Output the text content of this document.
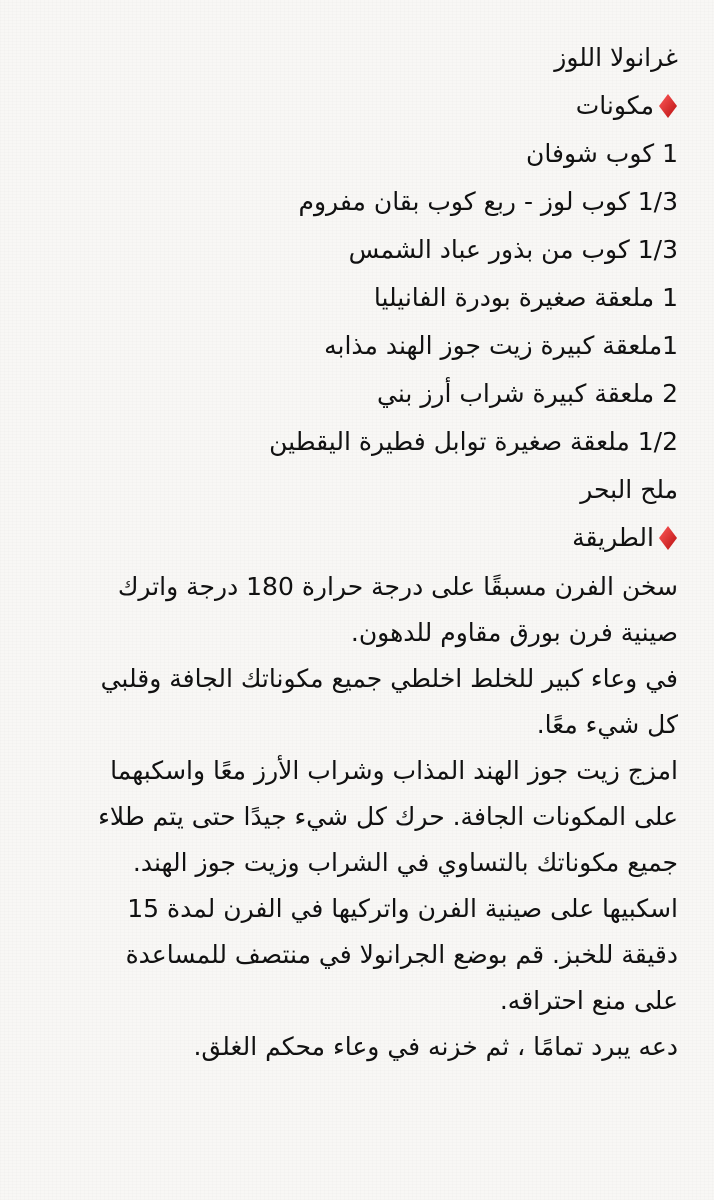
غرانولا اللوز
مكونات
1 كوب شوفان
1/3 كوب لوز - ربع كوب بقان مفروم
1/3 كوب من بذور عباد الشمس
1 ملعقة صغيرة بودرة الفانيليا
1ملعقة كبيرة زيت جوز الهند مذابه
2 ملعقة كبيرة شراب أرز بني
1/2 ملعقة صغيرة توابل فطيرة اليقطين
ملح البحر
الطريقة
سخن الفرن مسبقًا على درجة حرارة 180 درجة واترك صينية فرن بورق مقاوم للدهون.
في وعاء كبير للخلط اخلطي جميع مكوناتك الجافة وقلبي كل شيء معًا.
امزج زيت جوز الهند المذاب وشراب الأرز معًا واسكبهما على المكونات الجافة. حرك كل شيء جيدًا حتى يتم طلاء جميع مكوناتك بالتساوي في الشراب وزيت جوز الهند.
اسكبيها على صينية الفرن واتركيها في الفرن لمدة 15 دقيقة للخبز. قم بوضع الجرانولا في منتصف للمساعدة على منع احتراقه.
دعه يبرد تمامًا ، ثم خزنه في وعاء محكم الغلق.
